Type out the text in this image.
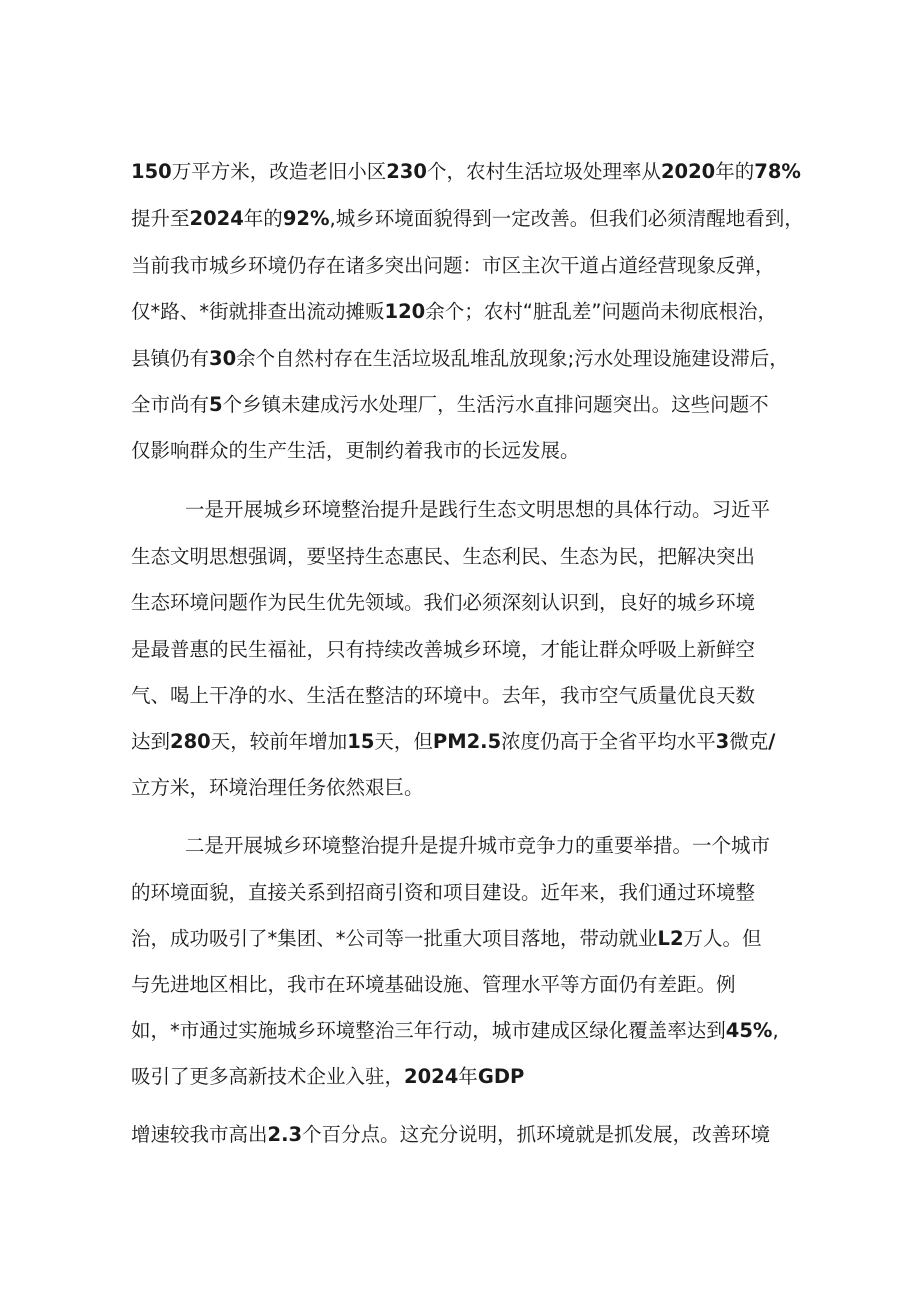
150万平方米，改造老旧小区230个，农村生活垃圾处理率从2020年的78%
提升至2024年的92%,城乡环境面貌得到一定改善。但我们必须清醒地看到，
当前我市城乡环境仍存在诸多突出问题：市区主次干道占道经营现象反弹，
仅*路、*街就排查出流动摊贩120余个；农村“脏乱差”问题尚未彻底根治，
县镇仍有30余个自然村存在生活垃圾乱堆乱放现象;污水处理设施建设滞后，
全市尚有5个乡镇未建成污水处理厂，生活污水直排问题突出。这些问题不
仅影响群众的生产生活，更制约着我市的长远发展。
一是开展城乡环境整治提升是践行生态文明思想的具体行动。习近平
生态文明思想强调，要坚持生态惠民、生态利民、生态为民，把解决突出
生态环境问题作为民生优先领域。我们必须深刻认识到，良好的城乡环境
是最普惠的民生福祉，只有持续改善城乡环境，才能让群众呼吸上新鲜空
气、喝上干净的水、生活在整洁的环境中。去年，我市空气质量优良天数
达到280天，较前年增加15天，但PM2.5浓度仍高于全省平均水平3微克/
立方米，环境治理任务依然艰巨。
二是开展城乡环境整治提升是提升城市竞争力的重要举措。一个城市
的环境面貌，直接关系到招商引资和项目建设。近年来，我们通过环境整
治，成功吸引了*集团、*公司等一批重大项目落地，带动就业L2万人。但
与先进地区相比，我市在环境基础设施、管理水平等方面仍有差距。例
如，*市通过实施城乡环境整治三年行动，城市建成区绿化覆盖率达到45%,
吸引了更多高新技术企业入驻，2024年GDP
增速较我市高出2.3个百分点。这充分说明，抓环境就是抓发展，改善环境
